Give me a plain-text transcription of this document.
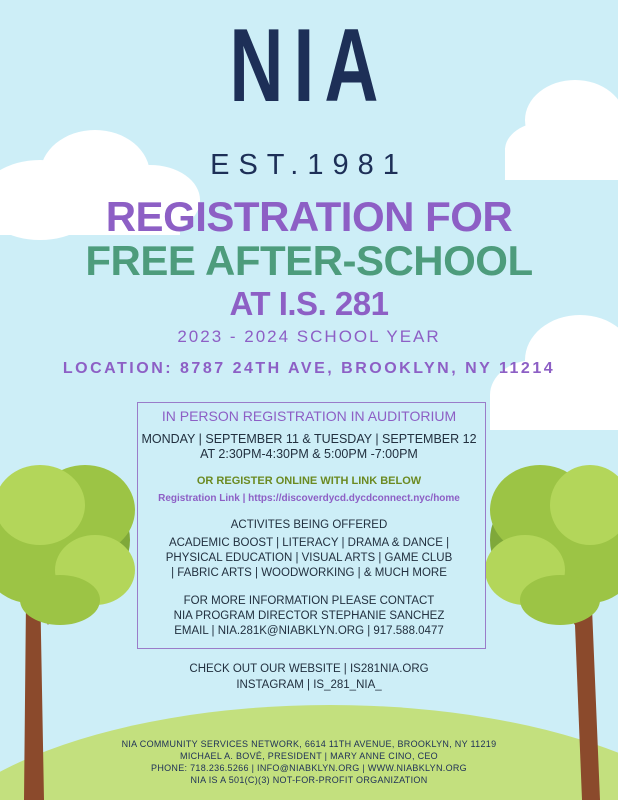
NIA
EST.1981
REGISTRATION FOR
FREE AFTER-SCHOOL
AT I.S. 281
2023 - 2024 SCHOOL YEAR
LOCATION: 8787 24TH AVE, BROOKLYN, NY 11214
IN PERSON REGISTRATION IN AUDITORIUM
MONDAY | SEPTEMBER 11 & TUESDAY | SEPTEMBER 12
AT 2:30PM-4:30PM & 5:00PM -7:00PM
OR REGISTER ONLINE WITH LINK BELOW
Registration Link | https://discoverdycd.dycdconnect.nyc/home
ACTIVITES BEING OFFERED
ACADEMIC BOOST | LITERACY | DRAMA & DANCE |
PHYSICAL EDUCATION | VISUAL ARTS | GAME CLUB
| FABRIC ARTS | WOODWORKING | & MUCH MORE
FOR MORE INFORMATION PLEASE CONTACT
NIA PROGRAM DIRECTOR STEPHANIE SANCHEZ
EMAIL | NIA.281K@NIABKLYN.ORG | 917.588.0477
CHECK OUT OUR WEBSITE | IS281NIA.ORG
INSTAGRAM | IS_281_NIA_
NIA COMMUNITY SERVICES NETWORK, 6614 11TH AVENUE, BROOKLYN, NY 11219
MICHAEL A. BOVÉ, PRESIDENT | MARY ANNE CINO, CEO
PHONE: 718.236.5266 | INFO@NIABKLYN.ORG | WWW.NIABKLYN.ORG
NIA IS A 501(C)(3) NOT-FOR-PROFIT ORGANIZATION
